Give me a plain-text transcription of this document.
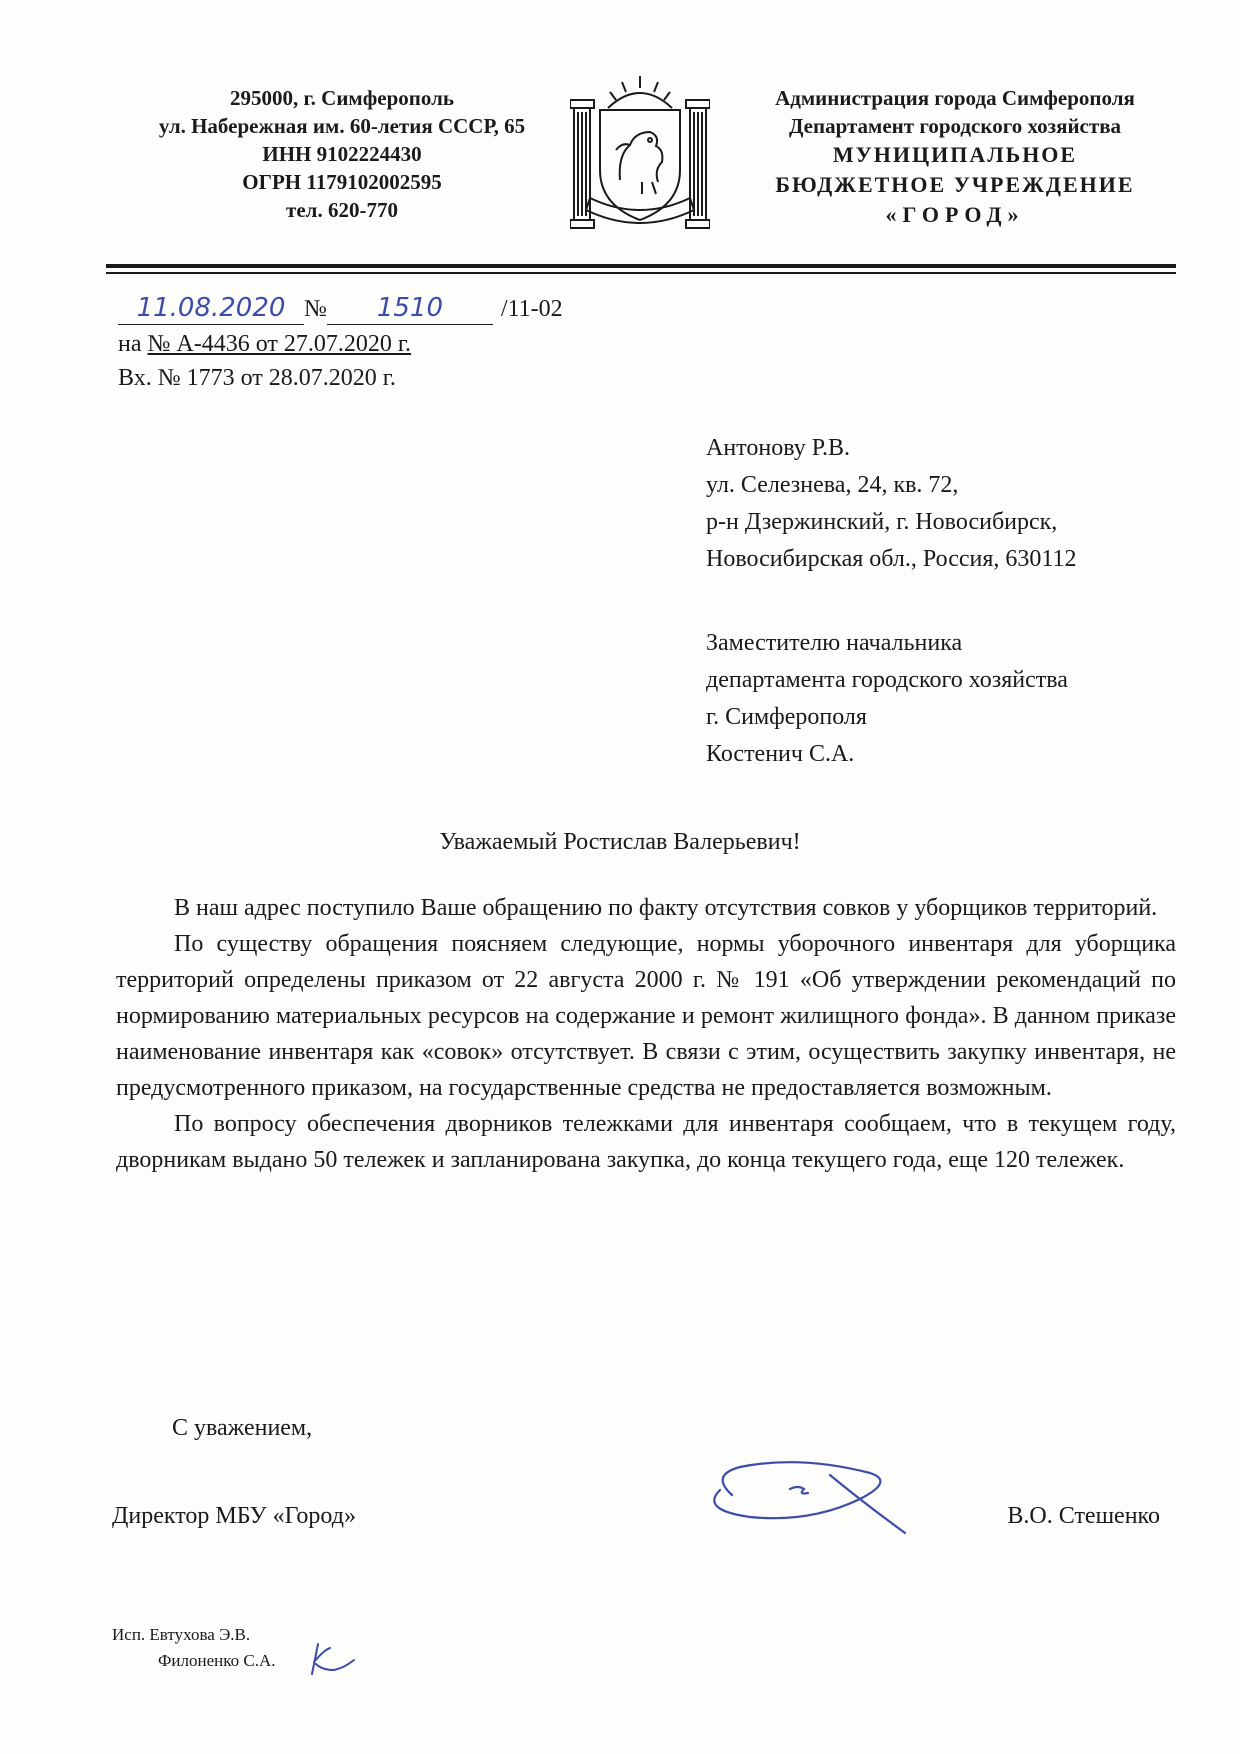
295000, г. Симферополь
ул. Набережная им. 60-летия СССР, 65
ИНН 9102224430
ОГРН 1179102002595
тел. 620-770
Администрация города Симферополя
Департамент городского хозяйства
МУНИЦИПАЛЬНОЕ
БЮДЖЕТНОЕ УЧРЕЖДЕНИЕ
«ГОРОД»
11.08.2020 № 1510 /11-02
на № А-4436 от 27.07.2020 г.
Вх. № 1773 от 28.07.2020 г.
Антонову Р.В.
ул. Селезнева, 24, кв. 72,
р-н Дзержинский, г. Новосибирск,
Новосибирская обл., Россия, 630112
Заместителю начальника
департамента городского хозяйства
г. Симферополя
Костенич С.А.
Уважаемый Ростислав Валерьевич!

В наш адрес поступило Ваше обращению по факту отсутствия совков у уборщиков территорий.

По существу обращения поясняем следующие, нормы уборочного инвентаря для уборщика территорий определены приказом от 22 августа 2000 г. № 191 «Об утверждении рекомендаций по нормированию материальных ресурсов на содержание и ремонт жилищного фонда». В данном приказе наименование инвентаря как «совок» отсутствует. В связи с этим, осуществить закупку инвентаря, не предусмотренного приказом, на государственные средства не предоставляется возможным.

По вопросу обеспечения дворников тележками для инвентаря сообщаем, что в текущем году, дворникам выдано 50 тележек и запланирована закупка, до конца текущего года, еще 120 тележек.

С уважением,
Директор МБУ «Город»	В.О. Стешенко
Исп. Евтухова Э.В.
Филоненко С.А.
